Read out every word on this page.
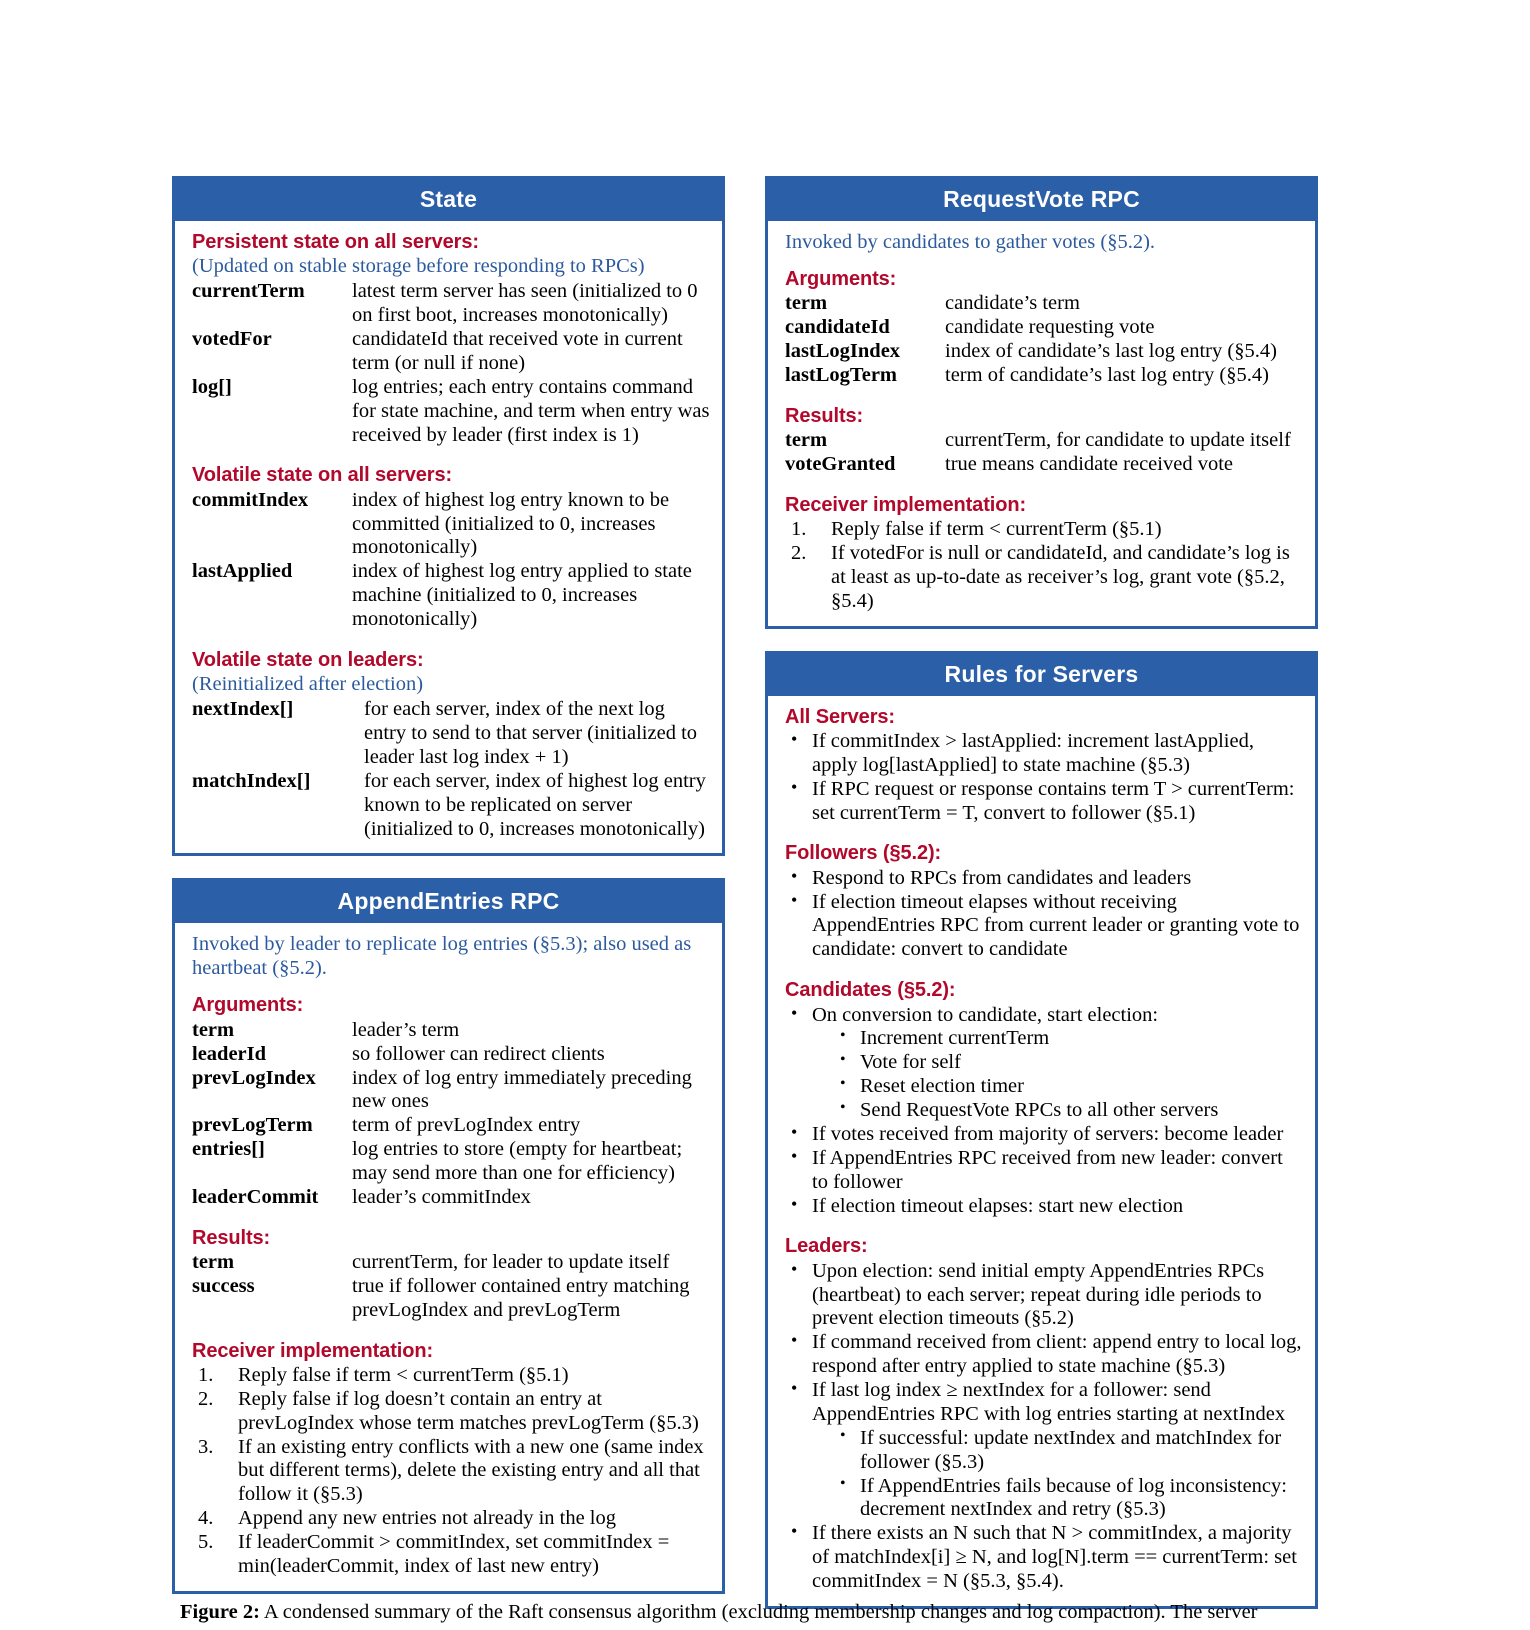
State
Persistent state on all servers:
(Updated on stable storage before responding to RPCs)
currentTerm	latest term server has seen (initialized to 0 on first boot, increases monotonically)
votedFor	candidateId that received vote in current term (or null if none)
log[]	log entries; each entry contains command for state machine, and term when entry was received by leader (first index is 1)
Volatile state on all servers:
commitIndex	index of highest log entry known to be committed (initialized to 0, increases monotonically)
lastApplied	index of highest log entry applied to state machine (initialized to 0, increases monotonically)
Volatile state on leaders:
(Reinitialized after election)
nextIndex[]	for each server, index of the next log entry to send to that server (initialized to leader last log index + 1)
matchIndex[]	for each server, index of highest log entry known to be replicated on server (initialized to 0, increases monotonically)
AppendEntries RPC
Invoked by leader to replicate log entries (§5.3); also used as heartbeat (§5.2).
Arguments:
term	leader’s term
leaderId	so follower can redirect clients
prevLogIndex	index of log entry immediately preceding new ones
prevLogTerm	term of prevLogIndex entry
entries[]	log entries to store (empty for heartbeat; may send more than one for efficiency)
leaderCommit	leader’s commitIndex
Results:
term	currentTerm, for leader to update itself
success	true if follower contained entry matching prevLogIndex and prevLogTerm
Receiver implementation:
Reply false if term < currentTerm (§5.1)
Reply false if log doesn’t contain an entry at prevLogIndex whose term matches prevLogTerm (§5.3)
If an existing entry conflicts with a new one (same index but different terms), delete the existing entry and all that follow it (§5.3)
Append any new entries not already in the log
If leaderCommit > commitIndex, set commitIndex = min(leaderCommit, index of last new entry)
RequestVote RPC
Invoked by candidates to gather votes (§5.2).
Arguments:
term	candidate’s term
candidateId	candidate requesting vote
lastLogIndex	index of candidate’s last log entry (§5.4)
lastLogTerm	term of candidate’s last log entry (§5.4)
Results:
term	currentTerm, for candidate to update itself
voteGranted	true means candidate received vote
Receiver implementation:
Reply false if term < currentTerm (§5.1)
If votedFor is null or candidateId, and candidate’s log is at least as up-to-date as receiver’s log, grant vote (§5.2, §5.4)
Rules for Servers
All Servers:
• If commitIndex > lastApplied: increment lastApplied, apply log[lastApplied] to state machine (§5.3)
• If RPC request or response contains term T > currentTerm: set currentTerm = T, convert to follower (§5.1)
Followers (§5.2):
• Respond to RPCs from candidates and leaders
• If election timeout elapses without receiving AppendEntries RPC from current leader or granting vote to candidate: convert to candidate
Candidates (§5.2):
• On conversion to candidate, start election:
• Increment currentTerm
• Vote for self
• Reset election timer
• Send RequestVote RPCs to all other servers
• If votes received from majority of servers: become leader
• If AppendEntries RPC received from new leader: convert to follower
• If election timeout elapses: start new election
Leaders:
• Upon election: send initial empty AppendEntries RPCs (heartbeat) to each server; repeat during idle periods to prevent election timeouts (§5.2)
• If command received from client: append entry to local log, respond after entry applied to state machine (§5.3)
• If last log index ≥ nextIndex for a follower: send AppendEntries RPC with log entries starting at nextIndex
• If successful: update nextIndex and matchIndex for follower (§5.3)
• If AppendEntries fails because of log inconsistency: decrement nextIndex and retry (§5.3)
• If there exists an N such that N > commitIndex, a majority of matchIndex[i] ≥ N, and log[N].term == currentTerm: set commitIndex = N (§5.3, §5.4).
Figure 2: A condensed summary of the Raft consensus algorithm (excluding membership changes and log compaction). The server
